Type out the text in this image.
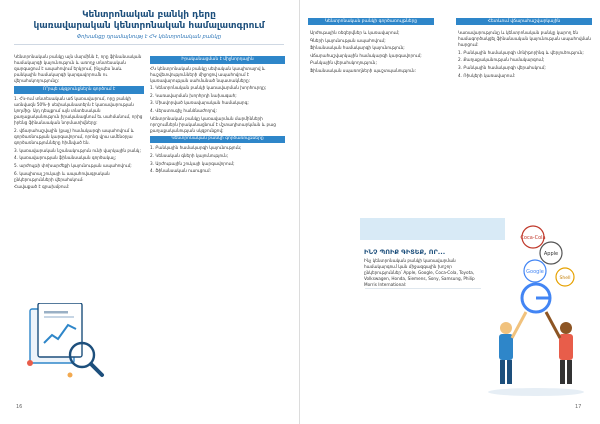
Կենտրոնական բանկի դերը
կառավարական կենտրոնական համալատգրում
Փոխանցը դրամայնությ է ՀԿ կենտրոնական բանկը

Կենտրոնական բանկը այն մարմինն է, որը ֆինանսական համակարգի կայունություն և առողջ տնտեսական զարգացում է ապահովում երկրում, ինչպես նաև բանկային համակարգի կարգավորումն ու վերահսկողությունը:

Ո՞րպե սկզբունքներն գործում է

1. ՀԿ-ում տնտեսական աճ կառավարում, որը բանկի առնվազն 50%-ի սեփականատերն է կառավարության կողմից։ Այդ դեպքում այն տնտեսական քաղաքականություն իրականացնում եւ սահմանում, որից իրենց ֆինանսական նորմատիվները:

2. վճարահաշվային (քայլ) համակարգի ապահովում և գործառնության կարգավորում, որոնց վրա ամենօրյա գործառնությունները հիմնված են.

3. կառավարական նշանակություն ունի վարկային բանկ;

4. կառավարության ֆինանսական գործակալ;

5. արժույթի փոխարժեքի կայունության ապահովում;

6. կապիտալ շուկայի և ապահովագրական ընկերությունների վերահսկում։

Հավաքած է գրախմբում:

Իրականացման է միջնորդային

ՀԿ կենտրոնական բանկը սեփական կապիտալով և հաշվետվությունների միջոցով ապահովում է կառավարության սահմանած նպատակները:

1. Կենտրոնական բանկի կառավարման խորհուրդը;

2. Կառավարման խորհրդի նախագահ;

3. Միավորված կառավարական համակարգ;

4. Վերստուգիչ հանձնաժողով:

Կենտրոնական բանկը կառավարման մարմինների որոշումներն իրականացնում է մշտադիտարկման և բաց քաղաքականության սկզբունքով:

Կենտրոնական բանկի գործառույթները

1. Բանկային համակարգի կայունություն;

2. Կենսական գների կայունություն;

3. Արժութային շուկայի կարգավորում;

4. Ֆինանսական ուսուցում:

16
Կենտրոնական բանկի գործառույթները

Արժութային ռեզերվներ և կառավարում;

Գների կայունության ապահովում;

Ֆինանսական համակարգի կայունություն;

Վճարահաշվարկային համակարգի կարգավորում;

Բանկային վերահսկողություն;

Ֆինանսական սպառողների պաշտպանություն:

Հետևում վճարահաշվարկային

Կառավարությունը և կենտրոնական բանկը կարող են համագործակցել ֆինանսական կայունության ապահովման հարցում:

1. Բանկային համակարգի մոնիթորինգ և վերլուծություն;

2. Քաղաքականության համակարգում;

3. Բանկային համակարգի վերահսկում;

4. Ռիսկերի կառավարում:

ԻՆՉ ՊՈԻՔ ԳԻՏԵՔ, ՈՐ...
Ինչ կենտրոնական բանկի կառավարման համակարգում կան միջազգային խոշոր ընկերություններ՝ Apple, Google, Coca-Cola, Toyota, Volkswagen, Honda, Siemens, Sony, Samsung, Philip Morris International:
Coca-Cola
Apple
Google
Shell
17
